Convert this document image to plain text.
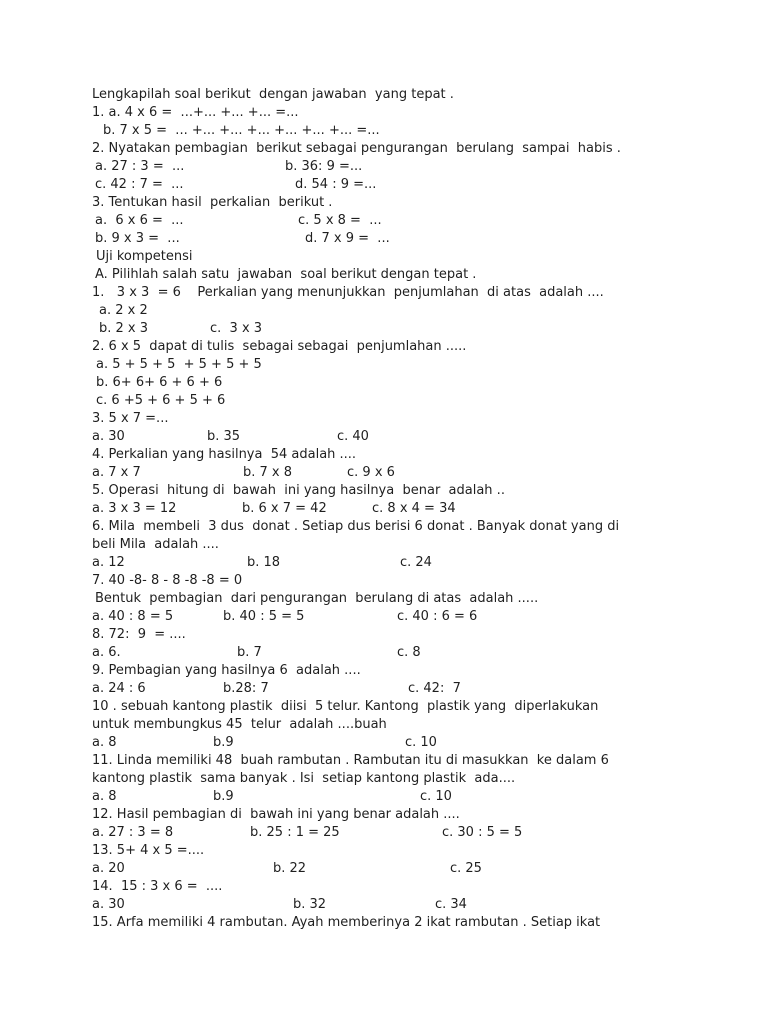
Lengkapilah soal berikut  dengan jawaban  yang tepat .
1. a. 4 x 6 =  ...+... +... +... =...
b. 7 x 5 =  ... +... +... +... +... +... +... =...
2. Nyatakan pembagian  berikut sebagai pengurangan  berulang  sampai  habis .
a. 27 : 3 =  ...	b. 36: 9 =...
c. 42 : 7 =  ...	d. 54 : 9 =...
3. Tentukan hasil  perkalian  berikut .
a.  6 x 6 =  ...	c. 5 x 8 =  ...
b. 9 x 3 =  ...	d. 7 x 9 =  ...
Uji kompetensi
A. Pilihlah salah satu  jawaban  soal berikut dengan tepat .
1.   3 x 3  = 6    Perkalian yang menunjukkan  penjumlahan  di atas  adalah ....
a. 2 x 2
b. 2 x 3	c.  3 x 3
2. 6 x 5  dapat di tulis  sebagai sebagai  penjumlahan .....
a. 5 + 5 + 5  + 5 + 5 + 5
b. 6+ 6+ 6 + 6 + 6
c. 6 +5 + 6 + 5 + 6
3. 5 x 7 =...
a. 30	b. 35	c. 40
4. Perkalian yang hasilnya  54 adalah ....
a. 7 x 7	b. 7 x 8	c. 9 x 6
5. Operasi  hitung di  bawah  ini yang hasilnya  benar  adalah ..
a. 3 x 3 = 12	b. 6 x 7 = 42	c. 8 x 4 = 34
6. Mila  membeli  3 dus  donat . Setiap dus berisi 6 donat . Banyak donat yang di
beli Mila  adalah ....
a. 12	b. 18	c. 24
7. 40 -8- 8 - 8 -8 -8 = 0
Bentuk  pembagian  dari pengurangan  berulang di atas  adalah .....
a. 40 : 8 = 5	b. 40 : 5 = 5	c. 40 : 6 = 6
8. 72:  9  = ....
a. 6.	b. 7	c. 8
9. Pembagian yang hasilnya 6  adalah ....
a. 24 : 6	b.28: 7	c. 42:  7
10 . sebuah kantong plastik  diisi  5 telur. Kantong  plastik yang  diperlakukan
untuk membungkus 45  telur  adalah ....buah
a. 8	b.9	c. 10
11. Linda memiliki 48  buah rambutan . Rambutan itu di masukkan  ke dalam 6
kantong plastik  sama banyak . Isi  setiap kantong plastik  ada....
a. 8	b.9	c. 10
12. Hasil pembagian di  bawah ini yang benar adalah ....
a. 27 : 3 = 8	b. 25 : 1 = 25	c. 30 : 5 = 5
13. 5+ 4 x 5 =....
a. 20	b. 22	c. 25
14.  15 : 3 x 6 =  ....
a. 30	b. 32	c. 34
15. Arfa memiliki 4 rambutan. Ayah memberinya 2 ikat rambutan . Setiap ikat
